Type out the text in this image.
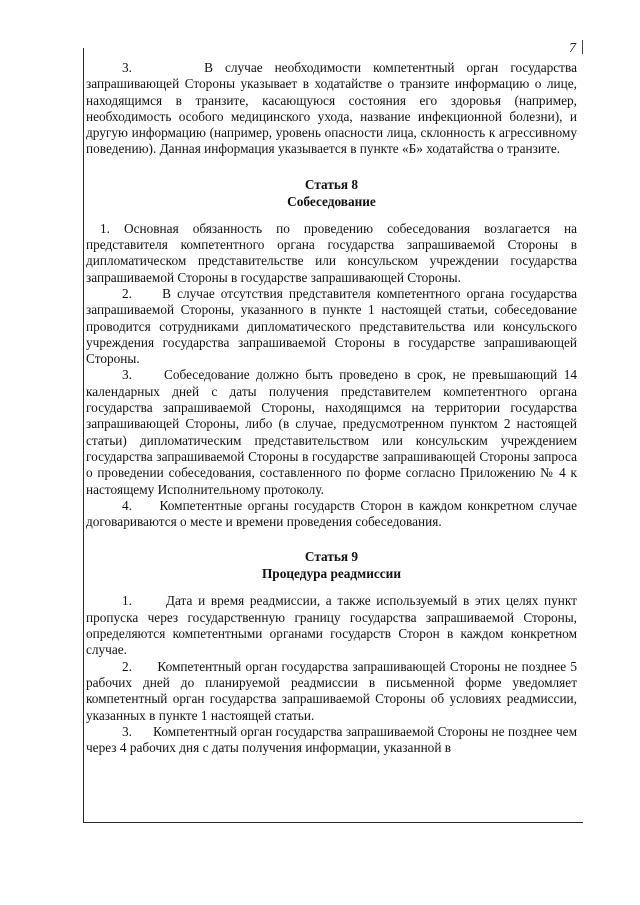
7

3.      В случае необходимости компетентный орган государства запрашивающей Стороны указывает в ходатайстве о транзите информацию о лице, находящимся в транзите, касающуюся состояния его здоровья (например, необходимость особого медицинского ухода, название инфекционной болезни), и другую информацию (например, уровень опасности лица, склонность к агрессивному поведению). Данная информация указывается в пункте «Б» ходатайства о транзите.

Статья 8

Собеседование

1. Основная обязанность по проведению собеседования возлагается на представителя компетентного органа государства запрашиваемой Стороны в дипломатическом представительстве или консульском учреждении государства запрашиваемой Стороны в государстве запрашивающей Стороны.

2.     В случае отсутствия представителя компетентного органа государства запрашиваемой Стороны, указанного в пункте 1 настоящей статьи, собеседование проводится сотрудниками дипломатического представительства или консульского учреждения государства запрашиваемой Стороны в государстве запрашивающей Стороны.

3.     Собеседование должно быть проведено в срок, не превышающий 14 календарных дней с даты получения представителем компетентного органа государства запрашиваемой Стороны, находящимся на территории государства запрашивающей Стороны, либо (в случае, предусмотренном пунктом 2 настоящей статьи) дипломатическим представительством или консульским учреждением государства запрашиваемой Стороны в государстве запрашивающей Стороны запроса о проведении собеседования, составленного по форме согласно Приложению № 4 к настоящему Исполнительному протоколу.

4.     Компетентные органы государств Сторон в каждом конкретном случае договариваются о месте и времени проведения собеседования.

Статья 9

Процедура реадмиссии

1.      Дата и время реадмиссии, а также используемый в этих целях пункт пропуска через государственную границу государства запрашиваемой Стороны, определяются компетентными органами государств Сторон в каждом конкретном случае.

2.      Компетентный орган государства запрашивающей Стороны не позднее 5 рабочих дней до планируемой реадмиссии в письменной форме уведомляет компетентный орган государства запрашиваемой Стороны об условиях реадмиссии, указанных в пункте 1 настоящей статьи.

3.      Компетентный орган государства запрашиваемой Стороны не позднее чем через 4 рабочих дня с даты получения информации, указанной в
